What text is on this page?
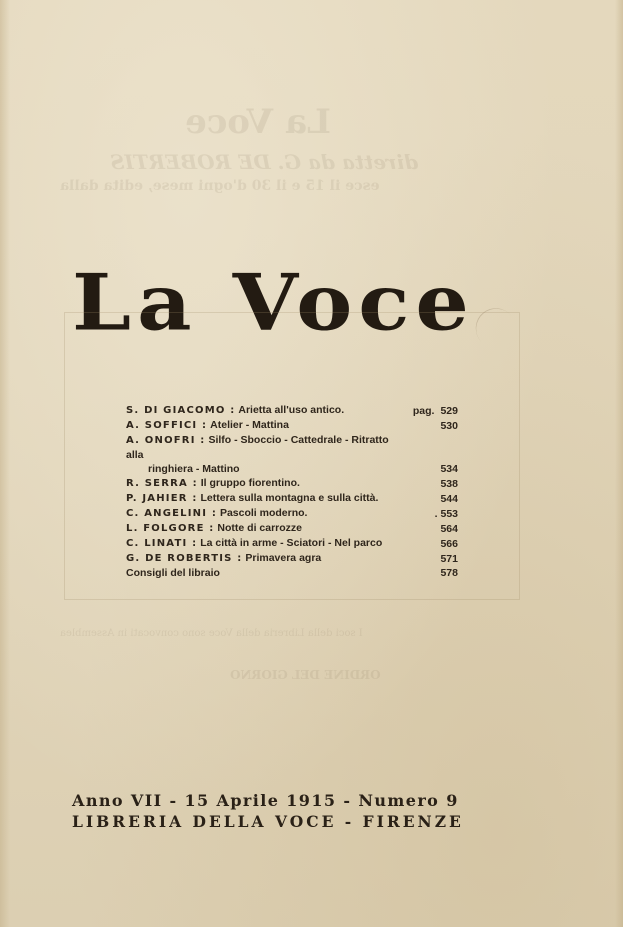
La Voce
diretta da G. DE ROBERTIS
esce il 15 e il 30 d'ogni mese, edita dalla
I soci della Libreria della Voce sono convocati in Assemblea
ORDINE DEL GIORNO
La Voce
S. DI GIACOMO : Arietta all'uso antico.	pag. 529
A. SOFFICI : Atelier - Mattina	530
A. ONOFRI : Silfo - Sboccio - Cattedrale - Ritratto alla
ringhiera - Mattino	534
R. SERRA : Il gruppo fiorentino.	538
P. JAHIER : Lettera sulla montagna e sulla città.	544
C. ANGELINI : Pascoli moderno.	. 553
L. FOLGORE : Notte di carrozze	564
C. LINATI : La città in arme - Sciatori - Nel parco	566
G. DE ROBERTIS : Primavera agra	571
Consigli del libraio	578
Anno VII - 15 Aprile 1915 - Numero 9
LIBRERIA DELLA VOCE - FIRENZE
